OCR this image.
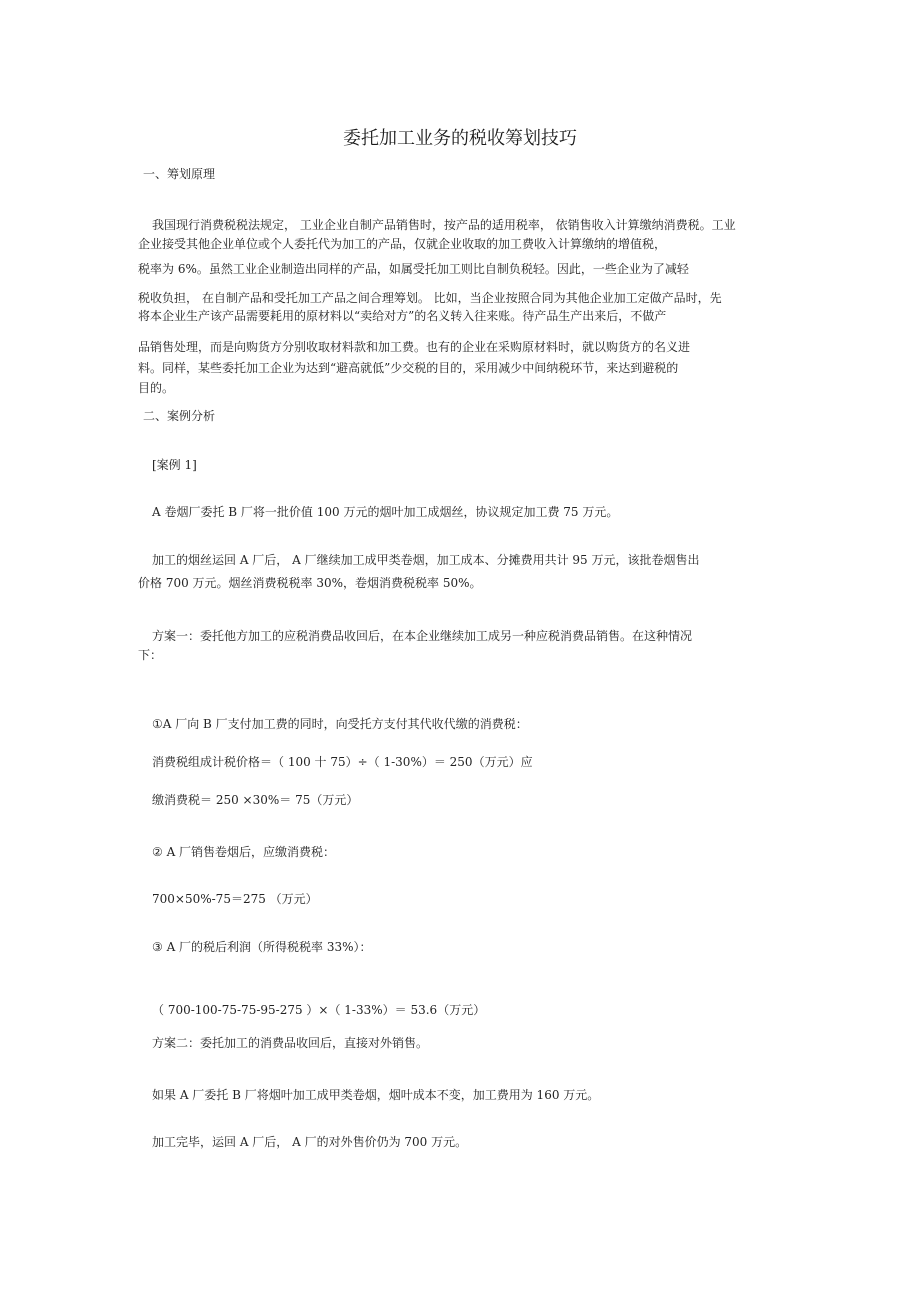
委托加工业务的税收筹划技巧
一、筹划原理
我国现行消费税税法规定， 工业企业自制产品销售时，按产品的适用税率， 依销售收入计算缴纳消费税。工业
企业接受其他企业单位或个人委托代为加工的产品，仅就企业收取的加工费收入计算缴纳的增值税，
税率为 6%。虽然工业企业制造出同样的产品，如属受托加工则比自制负税轻。因此，一些企业为了减轻
税收负担， 在自制产品和受托加工产品之间合理筹划。 比如，当企业按照合同为其他企业加工定做产品时，先
将本企业生产该产品需要耗用的原材料以“卖给对方”的名义转入往来账。待产品生产出来后，不做产
品销售处理，而是向购货方分别收取材料款和加工费。也有的企业在采购原材料时，就以购货方的名义进
料。同样，某些委托加工企业为达到“避高就低”少交税的目的，采用减少中间纳税环节，来达到避税的
目的。
二、案例分析
[案例 1]
A 卷烟厂委托 B 厂将一批价值 100 万元的烟叶加工成烟丝，协议规定加工费 75 万元。
加工的烟丝运回 A 厂后， A 厂继续加工成甲类卷烟，加工成本、分摊费用共计 95 万元，该批卷烟售出
价格 700 万元。烟丝消费税税率 30%，卷烟消费税税率 50%。
方案一：委托他方加工的应税消费品收回后，在本企业继续加工成另一种应税消费品销售。在这种情况
下：
①A 厂向 B 厂支付加工费的同时，向受托方支付其代收代缴的消费税：
消费税组成计税价格＝（ 100 十 75）÷（ 1-30%）＝ 250（万元）应
缴消费税＝ 250 ×30%＝ 75（万元）
② A 厂销售卷烟后，应缴消费税：
700×50%-75＝275 （万元）
③ A 厂的税后利润（所得税税率 33%）：
（ 700-100-75-75-95-275 ）×（ 1-33%）＝ 53.6（万元）
方案二：委托加工的消费品收回后，直接对外销售。
如果 A 厂委托 B 厂将烟叶加工成甲类卷烟，烟叶成本不变，加工费用为 160 万元。
加工完毕，运回 A 厂后， A 厂的对外售价仍为 700 万元。
